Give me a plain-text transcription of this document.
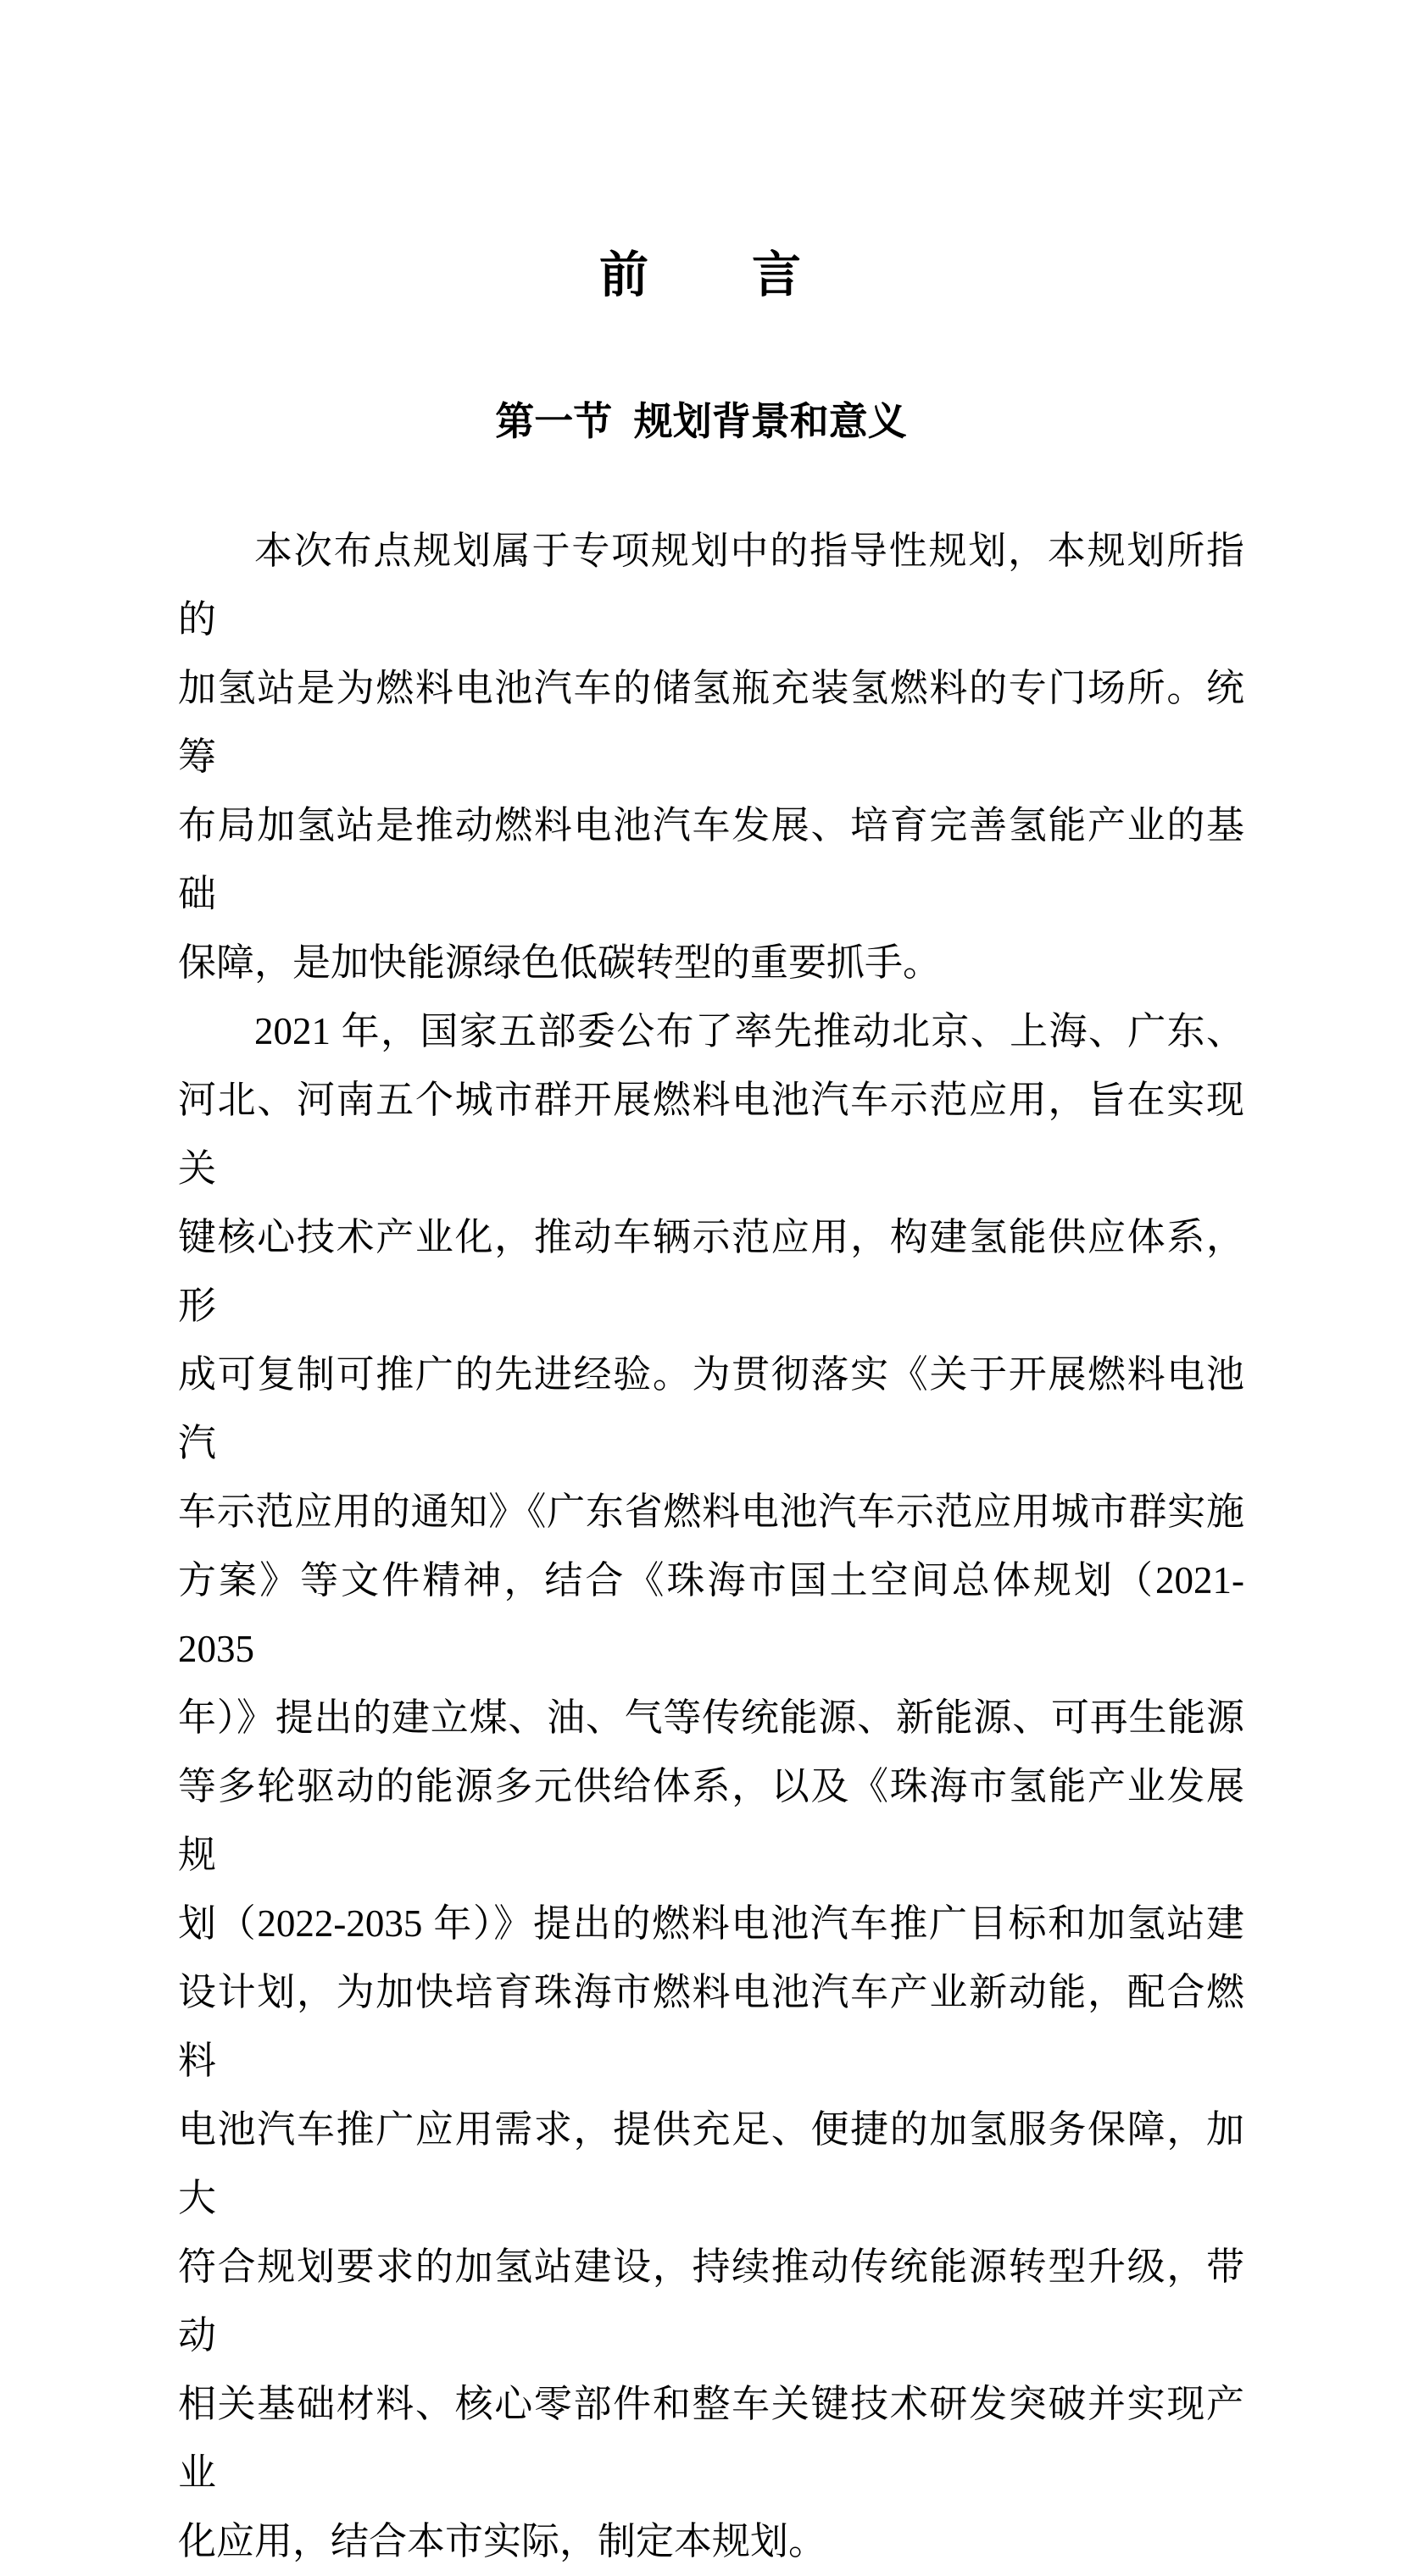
前　　言
第一节  规划背景和意义

本次布点规划属于专项规划中的指导性规划，本规划所指的

加氢站是为燃料电池汽车的储氢瓶充装氢燃料的专门场所。统筹

布局加氢站是推动燃料电池汽车发展、培育完善氢能产业的基础

保障，是加快能源绿色低碳转型的重要抓手。

2021 年，国家五部委公布了率先推动北京、上海、广东、

河北、河南五个城市群开展燃料电池汽车示范应用，旨在实现关

键核心技术产业化，推动车辆示范应用，构建氢能供应体系，形

成可复制可推广的先进经验。为贯彻落实《关于开展燃料电池汽

车示范应用的通知》《广东省燃料电池汽车示范应用城市群实施

方案》等文件精神，结合《珠海市国土空间总体规划（2021-2035

年）》提出的建立煤、油、气等传统能源、新能源、可再生能源

等多轮驱动的能源多元供给体系，以及《珠海市氢能产业发展规

划（2022-2035 年）》提出的燃料电池汽车推广目标和加氢站建

设计划，为加快培育珠海市燃料电池汽车产业新动能，配合燃料

电池汽车推广应用需求，提供充足、便捷的加氢服务保障，加大

符合规划要求的加氢站建设，持续推动传统能源转型升级，带动

相关基础材料、核心零部件和整车关键技术研发突破并实现产业

化应用，结合本市实际，制定本规划。
